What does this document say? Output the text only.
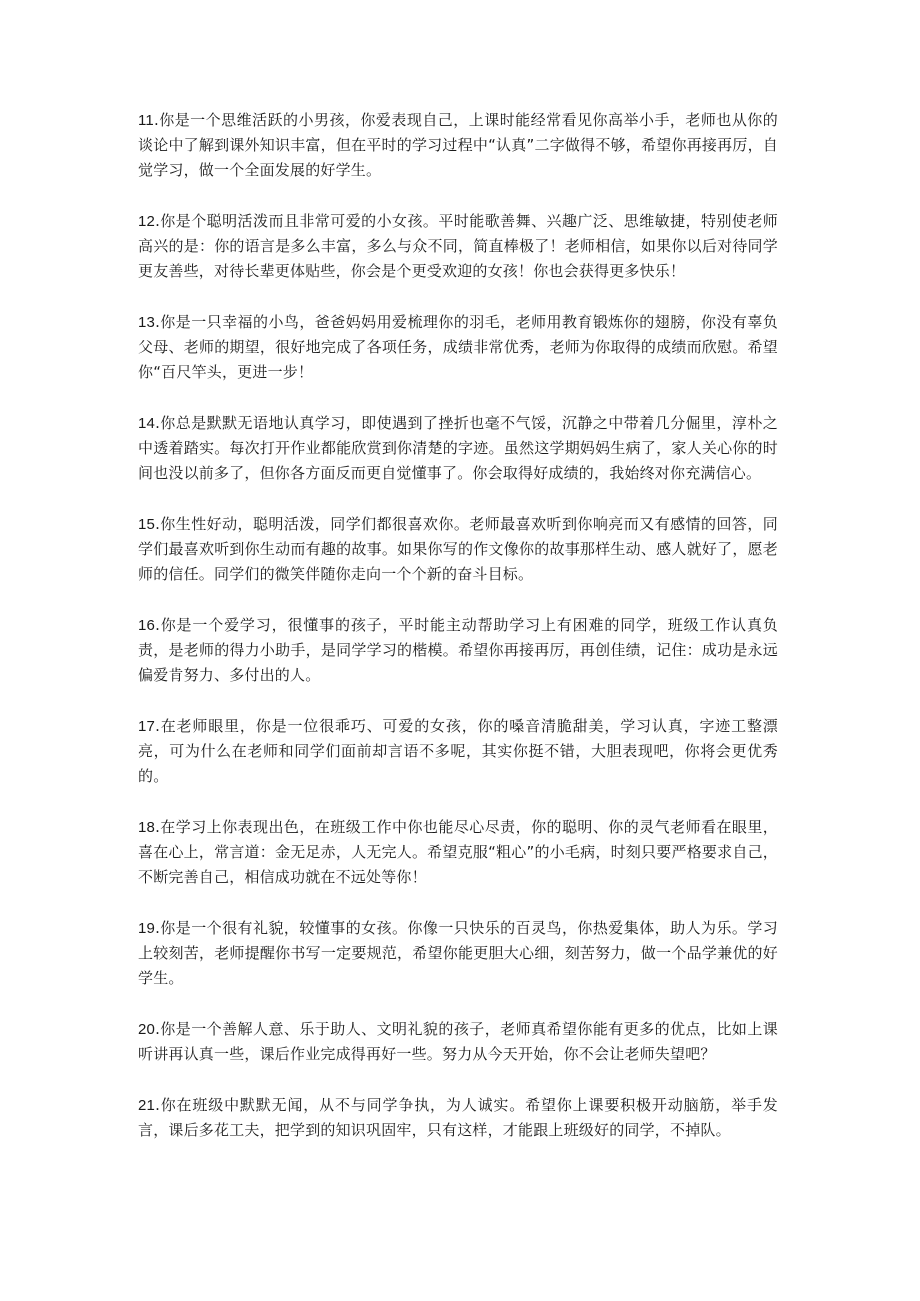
11.你是一个思维活跃的小男孩，你爱表现自己，上课时能经常看见你高举小手，老师也从你的谈论中了解到课外知识丰富，但在平时的学习过程中“认真”二字做得不够，希望你再接再厉，自觉学习，做一个全面发展的好学生。

12.你是个聪明活泼而且非常可爱的小女孩。平时能歌善舞、兴趣广泛、思维敏捷，特别使老师高兴的是：你的语言是多么丰富，多么与众不同，简直棒极了！老师相信，如果你以后对待同学更友善些，对待长辈更体贴些，你会是个更受欢迎的女孩！你也会获得更多快乐！

13.你是一只幸福的小鸟，爸爸妈妈用爱梳理你的羽毛，老师用教育锻炼你的翅膀，你没有辜负父母、老师的期望，很好地完成了各项任务，成绩非常优秀，老师为你取得的成绩而欣慰。希望你“百尺竿头，更进一步！

14.你总是默默无语地认真学习，即使遇到了挫折也毫不气馁，沉静之中带着几分倔里，淳朴之中透着踏实。每次打开作业都能欣赏到你清楚的字迹。虽然这学期妈妈生病了，家人关心你的时间也没以前多了，但你各方面反而更自觉懂事了。你会取得好成绩的，我始终对你充满信心。

15.你生性好动，聪明活泼，同学们都很喜欢你。老师最喜欢听到你响亮而又有感情的回答，同学们最喜欢听到你生动而有趣的故事。如果你写的作文像你的故事那样生动、感人就好了，愿老师的信任。同学们的微笑伴随你走向一个个新的奋斗目标。

16.你是一个爱学习，很懂事的孩子，平时能主动帮助学习上有困难的同学，班级工作认真负责，是老师的得力小助手，是同学学习的楷模。希望你再接再厉，再创佳绩，记住：成功是永远偏爱肯努力、多付出的人。

17.在老师眼里，你是一位很乖巧、可爱的女孩，你的嗓音清脆甜美，学习认真，字迹工整漂亮，可为什么在老师和同学们面前却言语不多呢，其实你挺不错，大胆表现吧，你将会更优秀的。

18.在学习上你表现出色，在班级工作中你也能尽心尽责，你的聪明、你的灵气老师看在眼里，喜在心上，常言道：金无足赤，人无完人。希望克服“粗心”的小毛病，时刻只要严格要求自己，不断完善自己，相信成功就在不远处等你！

19.你是一个很有礼貌，较懂事的女孩。你像一只快乐的百灵鸟，你热爱集体，助人为乐。学习上较刻苦，老师提醒你书写一定要规范，希望你能更胆大心细，刻苦努力，做一个品学兼优的好学生。

20.你是一个善解人意、乐于助人、文明礼貌的孩子，老师真希望你能有更多的优点，比如上课听讲再认真一些，课后作业完成得再好一些。努力从今天开始，你不会让老师失望吧？

21.你在班级中默默无闻，从不与同学争执，为人诚实。希望你上课要积极开动脑筋，举手发言，课后多花工夫，把学到的知识巩固牢，只有这样，才能跟上班级好的同学，不掉队。
